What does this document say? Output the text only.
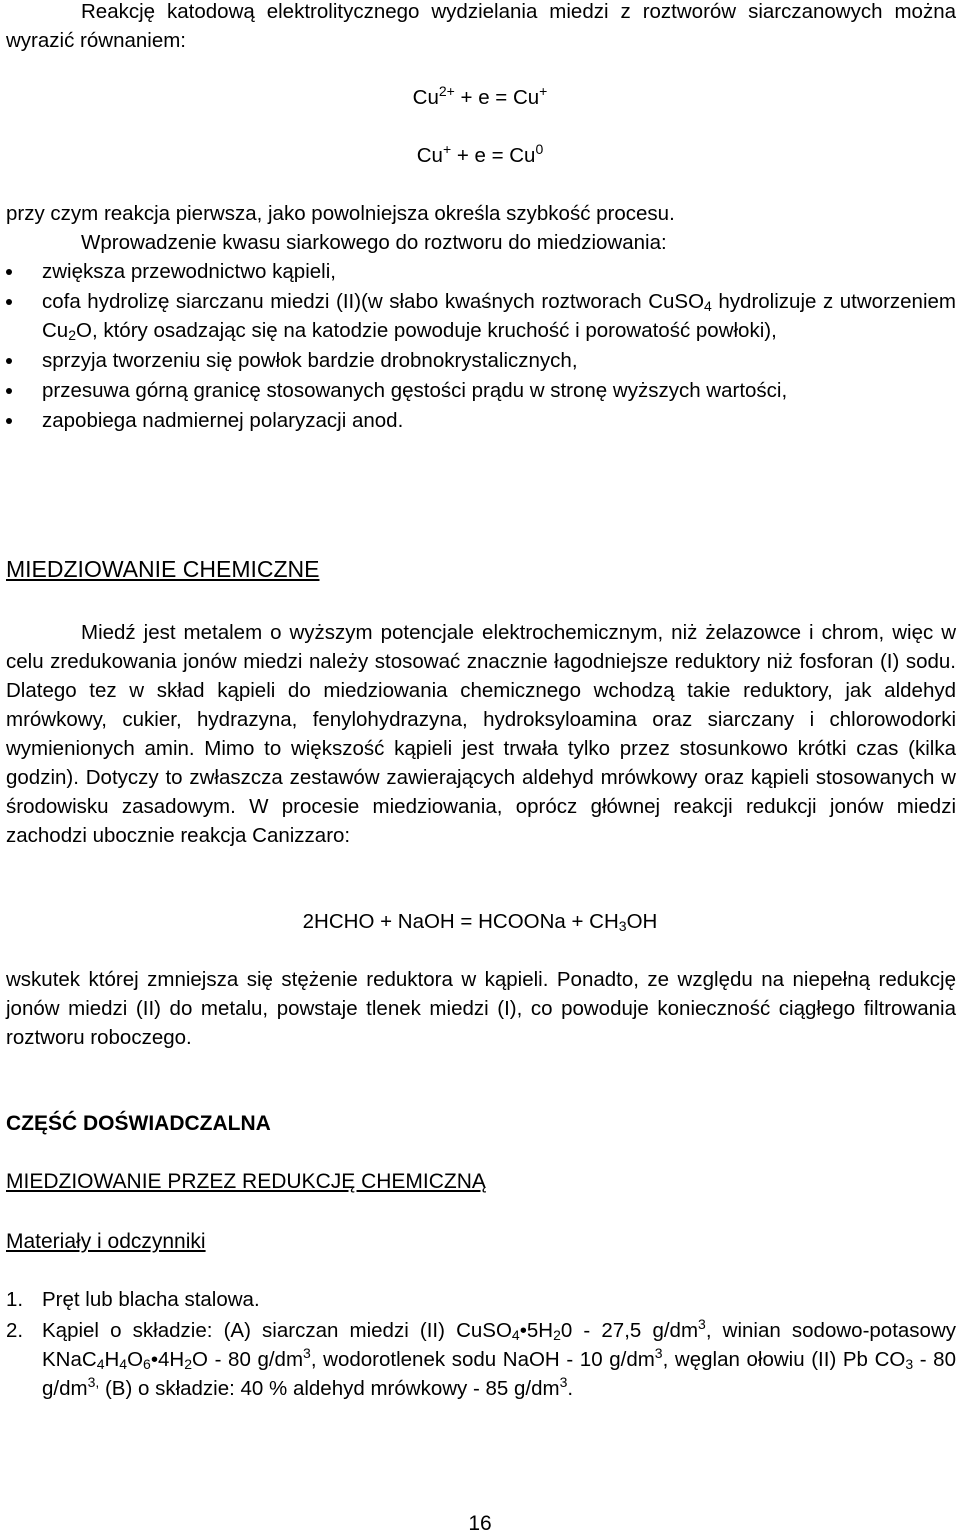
Reakcję katodową elektrolitycznego wydzielania miedzi z roztworów siarczanowych można wyrazić równaniem:

$Cu^{2+} + e = Cu^+$

$Cu^+ + e = Cu^0$

przy czym reakcja pierwsza, jako powolniejsza określa szybkość procesu.

Wprowadzenie kwasu siarkowego do roztworu do miedziowania:

zwiększa przewodnictwo kąpieli,
cofa hydrolizę siarczanu miedzi (II)(w słabo kwaśnych roztworach CuSO$_4$ hydrolizuje z utworzeniem $Cu_2O$, który osadzając się na katodzie powoduje kruchość i porowatość powłoki),
sprzyja tworzeniu się powłok bardzie drobnokrystalicznych,
przesuwa górną granicę stosowanych gęstości prądu w stronę wyższych wartości,
zapobiega nadmiernej polaryzacji anod.

MIEDZIOWANIE CHEMICZNE

Miedź jest metalem o wyższym potencjale elektrochemicznym, niż żelazowce i chrom, więc w celu zredukowania jonów miedzi należy stosować znacznie łagodniejsze reduktory niż fosforan (I) sodu. Dlatego tez w skład kąpieli do miedziowania chemicznego wchodzą takie reduktory, jak aldehyd mrówkowy, cukier, hydrazyna, fenylohydrazyna, hydroksyloamina oraz siarczany i chlorowodorki wymienionych amin. Mimo to większość kąpieli jest trwała tylko przez stosunkowo krótki czas (kilka godzin). Dotyczy to zwłaszcza zestawów zawierających aldehyd mrówkowy oraz kąpieli stosowanych w środowisku zasadowym. W procesie miedziowania, oprócz głównej reakcji redukcji jonów miedzi zachodzi ubocznie reakcja Canizzaro:

2HCHO + NaOH = HCOONa + $CH_3OH$

wskutek której zmniejsza się stężenie reduktora w kąpieli. Ponadto, ze względu na niepełną redukcję jonów miedzi (II) do metalu, powstaje tlenek miedzi (I), co powoduje konieczność ciągłego filtrowania roztworu roboczego.

CZĘŚĆ DOŚWIADCZALNA

MIEDZIOWANIE PRZEZ REDUKCJĘ CHEMICZNĄ

Materiały i odczynniki

1. Pręt lub blacha stalowa.
2. Kąpiel o składzie: (A) siarczan miedzi (II) $CuSO_4•5H_20 - 27,5$ $g/dm^3$, winian sodowo-potasowy $KNaC_4H_4O_6•4H_2O - 80$ $g/dm^3$, wodorotlenek sodu NaOH - 10 $g/dm^3$, węglan ołowiu (II) Pb $CO_3 - 80$ $g/dm^{3,}$ (B) o składzie: 40 % aldehyd mrówkowy - 85 $g/dm^3$.
16
